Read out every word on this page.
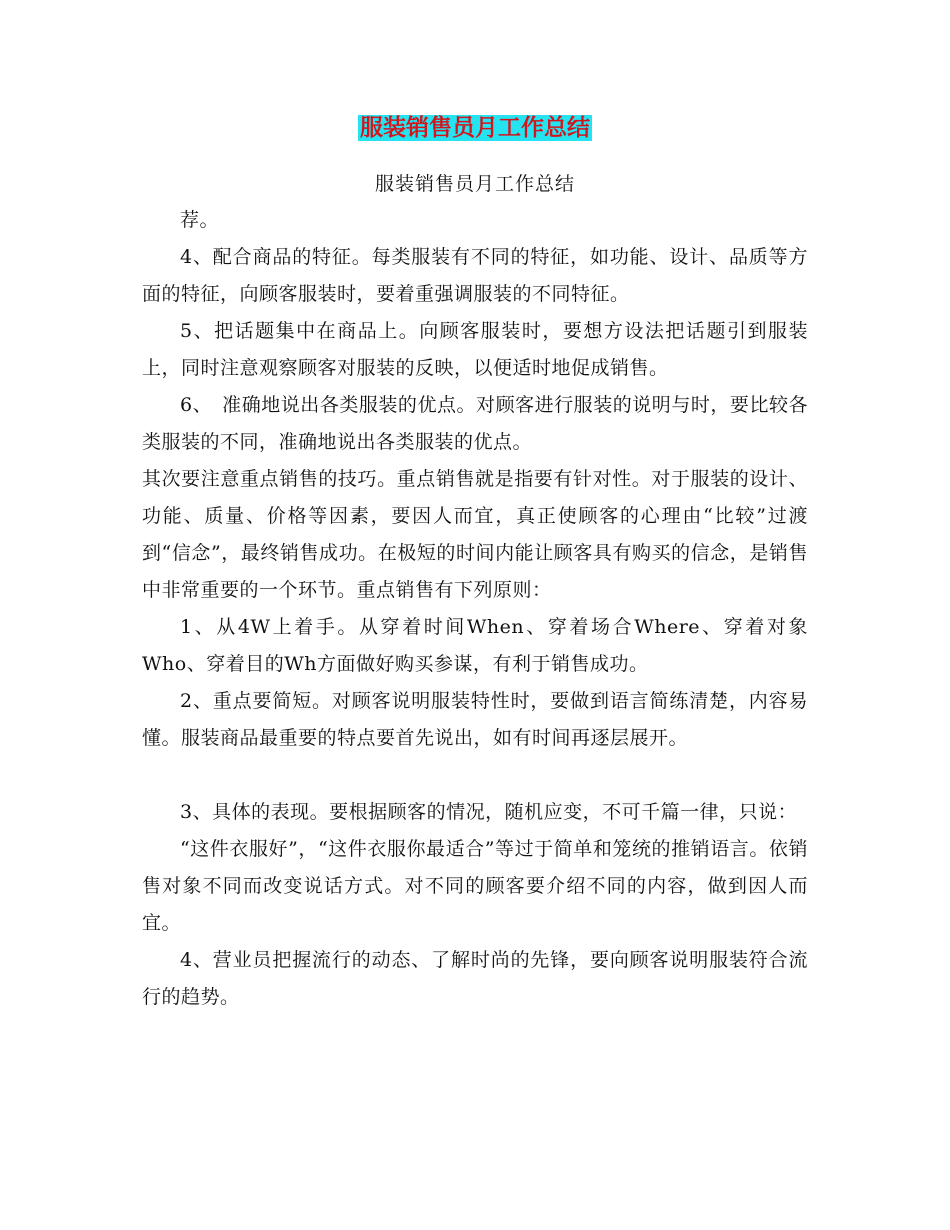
服装销售员月工作总结
服装销售员月工作总结

荐。

4、配合商品的特征。每类服装有不同的特征，如功能、设计、品质等方面的特征，向顾客服装时，要着重强调服装的不同特征。

5、把话题集中在商品上。向顾客服装时，要想方设法把话题引到服装上，同时注意观察顾客对服装的反映，以便适时地促成销售。

6、　准确地说出各类服装的优点。对顾客进行服装的说明与时，要比较各类服装的不同，准确地说出各类服装的优点。

其次要注意重点销售的技巧。重点销售就是指要有针对性。对于服装的设计、功能、质量、价格等因素，要因人而宜，真正使顾客的心理由“比较”过渡到“信念”，最终销售成功。在极短的时间内能让顾客具有购买的信念，是销售中非常重要的一个环节。重点销售有下列原则：

1、从4W上着手。从穿着时间When、穿着场合Where、穿着对象Who、穿着目的Wh方面做好购买参谋，有利于销售成功。

2、重点要简短。对顾客说明服装特性时，要做到语言简练清楚，内容易懂。服装商品最重要的特点要首先说出，如有时间再逐层展开。

3、具体的表现。要根据顾客的情况，随机应变，不可千篇一律，只说：

“这件衣服好”，“这件衣服你最适合”等过于简单和笼统的推销语言。依销售对象不同而改变说话方式。对不同的顾客要介绍不同的内容，做到因人而宜。

4、营业员把握流行的动态、了解时尚的先锋，要向顾客说明服装符合流行的趋势。
